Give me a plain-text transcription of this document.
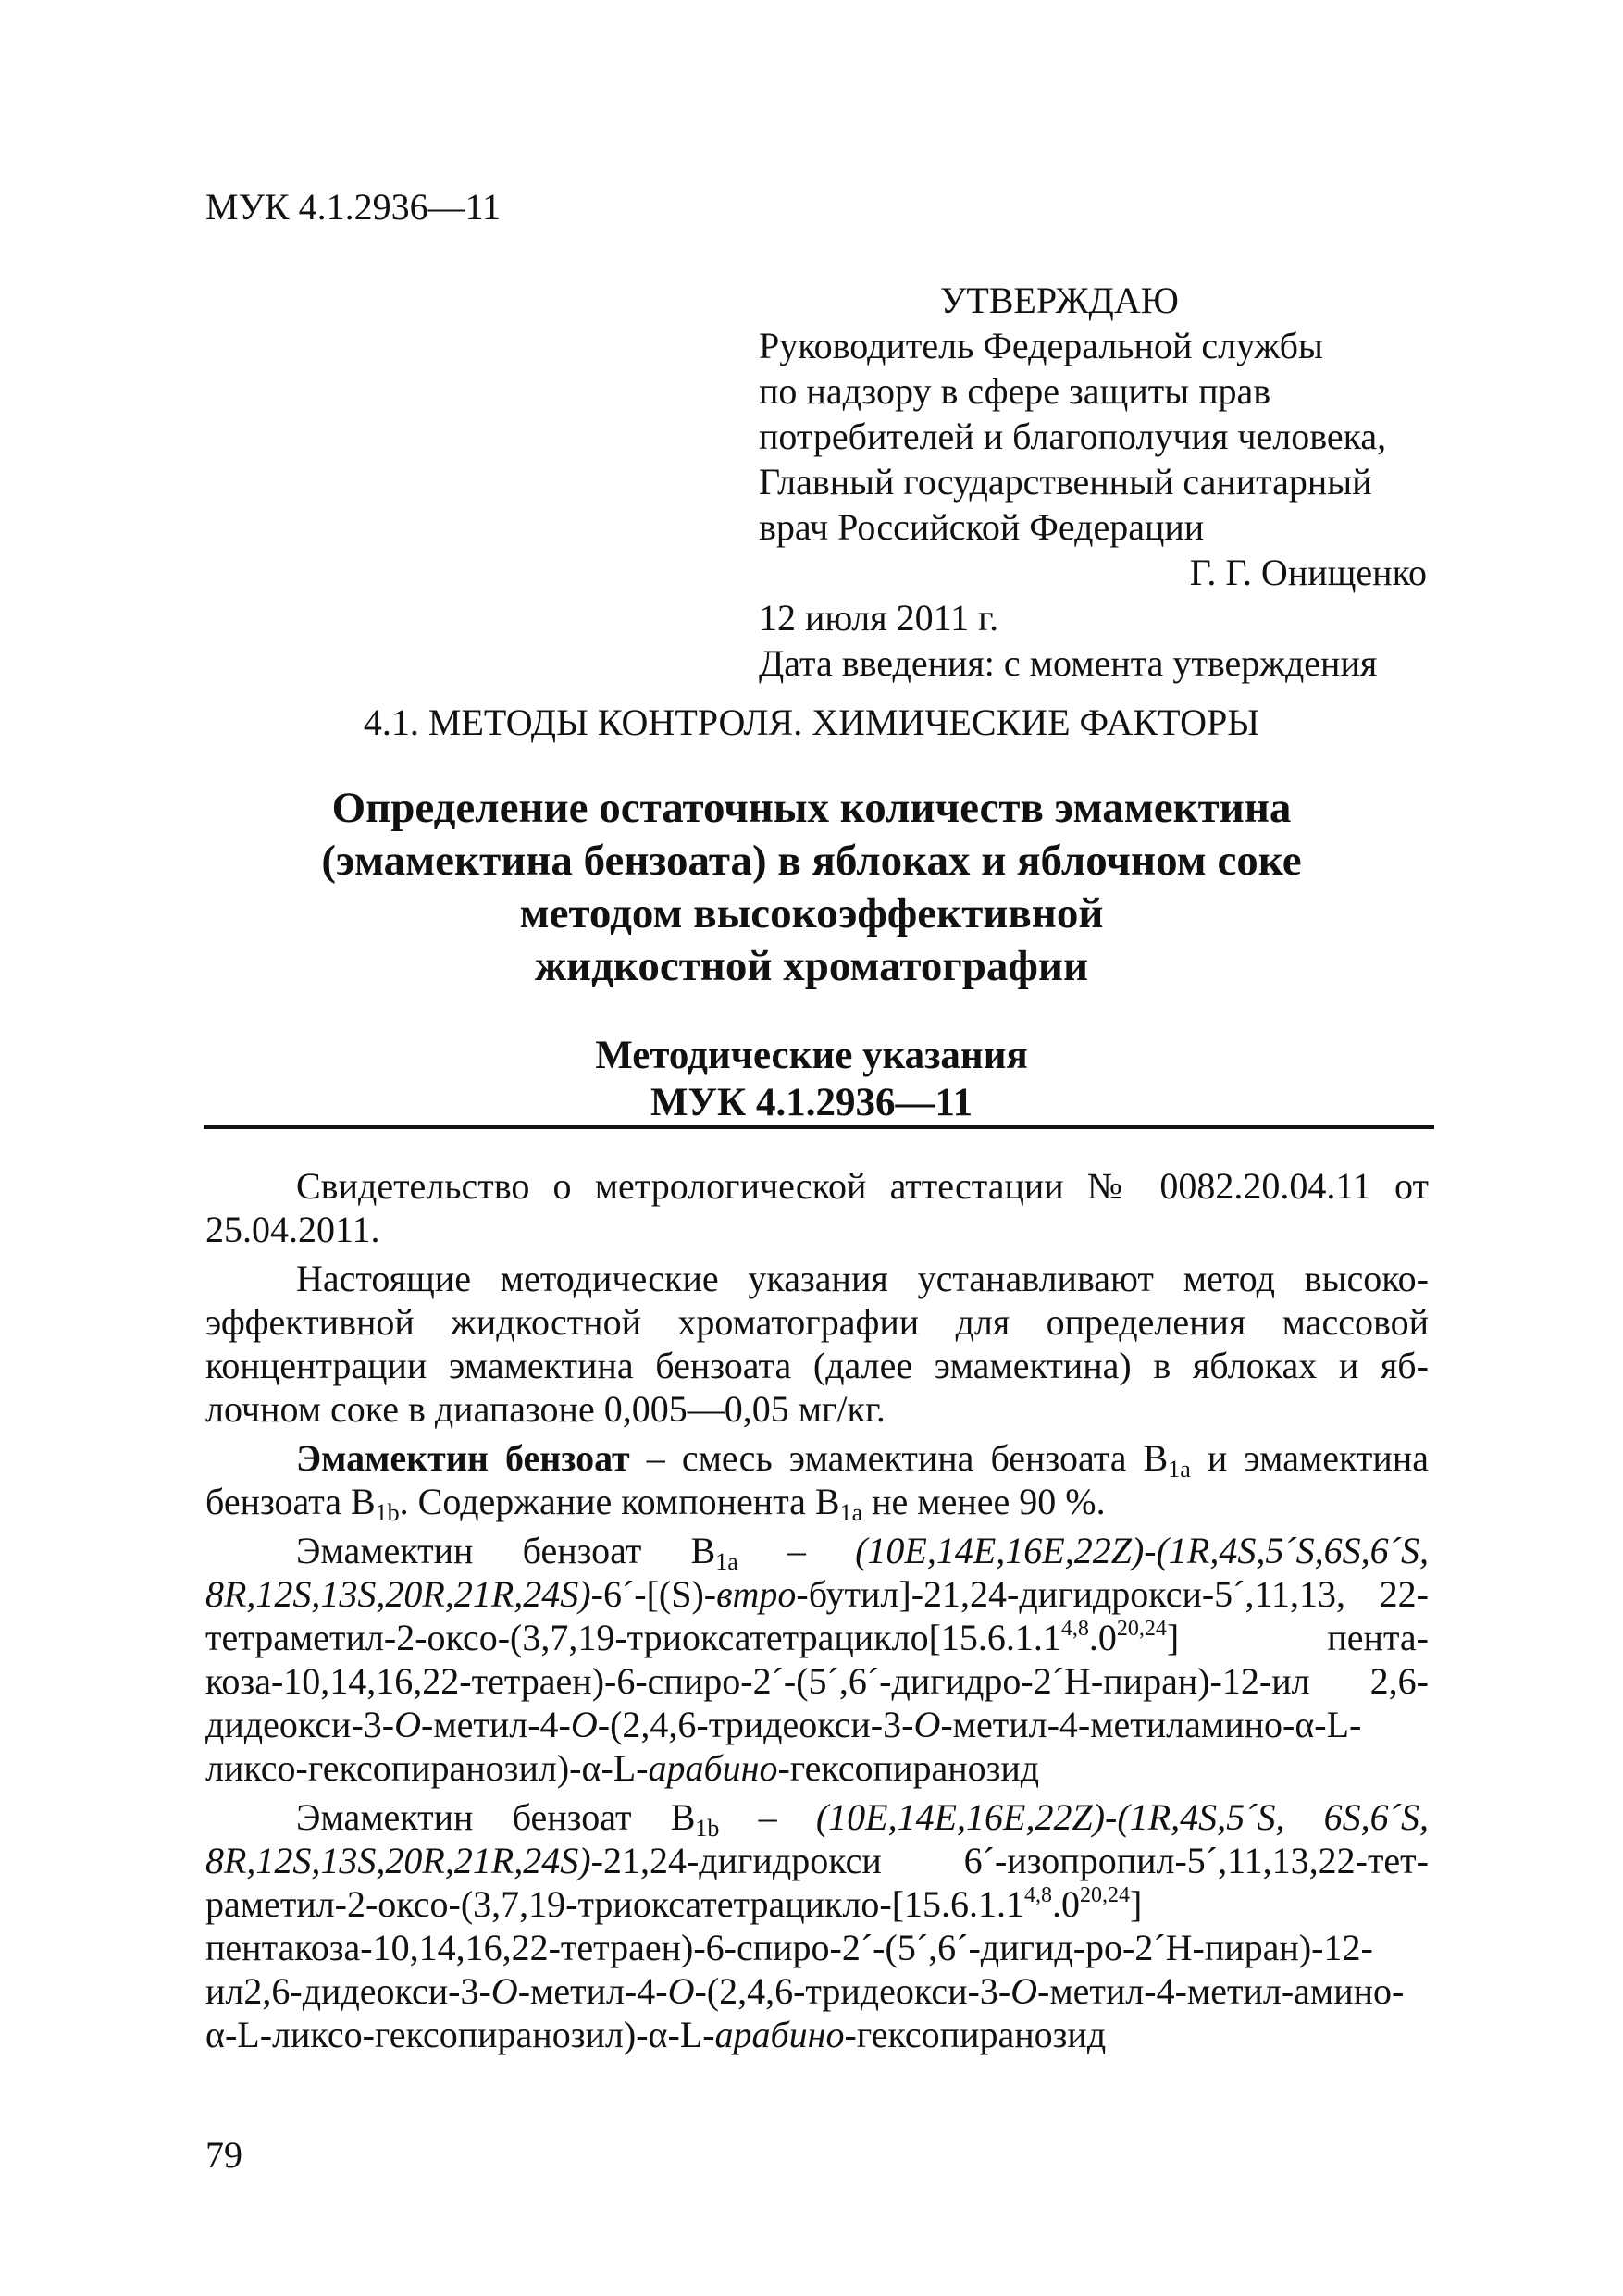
МУК 4.1.2936—11
УТВЕРЖДАЮ
Руководитель Федеральной службы
по надзору в сфере защиты прав
потребителей и благополучия человека,
Главный государственный санитарный
врач Российской Федерации
Г. Г. Онищенко
12 июля 2011 г.
Дата введения: с момента утверждения
4.1. МЕТОДЫ КОНТРОЛЯ. ХИМИЧЕСКИЕ ФАКТОРЫ
Определение остаточных количеств эмамектина
(эмамектина бензоата) в яблоках и яблочном соке
методом высокоэффективной
жидкостной хроматографии
Методические указания
МУК 4.1.2936—11

Свидетельство о метрологической аттестации № 0082.20.04.11 от 25.04.2011.

Настоящие методические указания устанавливают метод высокоэффективной жидкостной хроматографии для определения массовой концентрации эмамектина бензоата (далее эмамектина) в яблоках и яблочном соке в диапазоне 0,005—0,05 мг/кг.

Эмамектин бензоат – смесь эмамектина бензоата $В_{1a}$ и эмамектина бензоата $В_{1b}$. Содержание компонента $В_{1a}$ не менее 90 %.

Эмамектин бензоат $В_{1a}$ – (10E,14E,16E,22Z)-(1R,4S,5´S,6S,6´S, 8R,12S,13S,20R,21R,24S)-6´-[(S)-втро-бутил]-21,24-дигидрокси-5´,11,13, 22-тетраметил-2-оксо-(3,7,19-триоксатетрацикло[15.6.1.1$^{4,8}$.0$^{20,24}$] пентакоза-10,14,16,22-тетраен)-6-спиро-2´-(5´,6´-дигидро-2´Н-пиран)-12-ил 2,6-дидеокси-3-O-метил-4-O-(2,4,6-тридеокси-3-O-метил-4-метиламино-α-L-ликсо-гексопиранозил)-α-L-арабино-гексопиранозид

Эмамектин бензоат $В_{1b}$ – (10E,14E,16E,22Z)-(1R,4S,5´S, 6S,6´S, 8R,12S,13S,20R,21R,24S)-21,24-дигидрокси 6´-изопропил-5´,11,13,22-тетраметил-2-оксо-(3,7,19-триоксатетрацикло-[15.6.1.1$^{4,8}$.0$^{20,24}$] пентакоза-10,14,16,22-тетраен)-6-спиро-2´-(5´,6´-дигид-ро-2´Н-пиран)-12-ил2,6-дидеокси-3-O-метил-4-O-(2,4,6-тридеокси-3-O-метил-4-метил-амино-α-L-ликсо-гексопиранозил)-α-L-арабино-гексопиранозид

79
